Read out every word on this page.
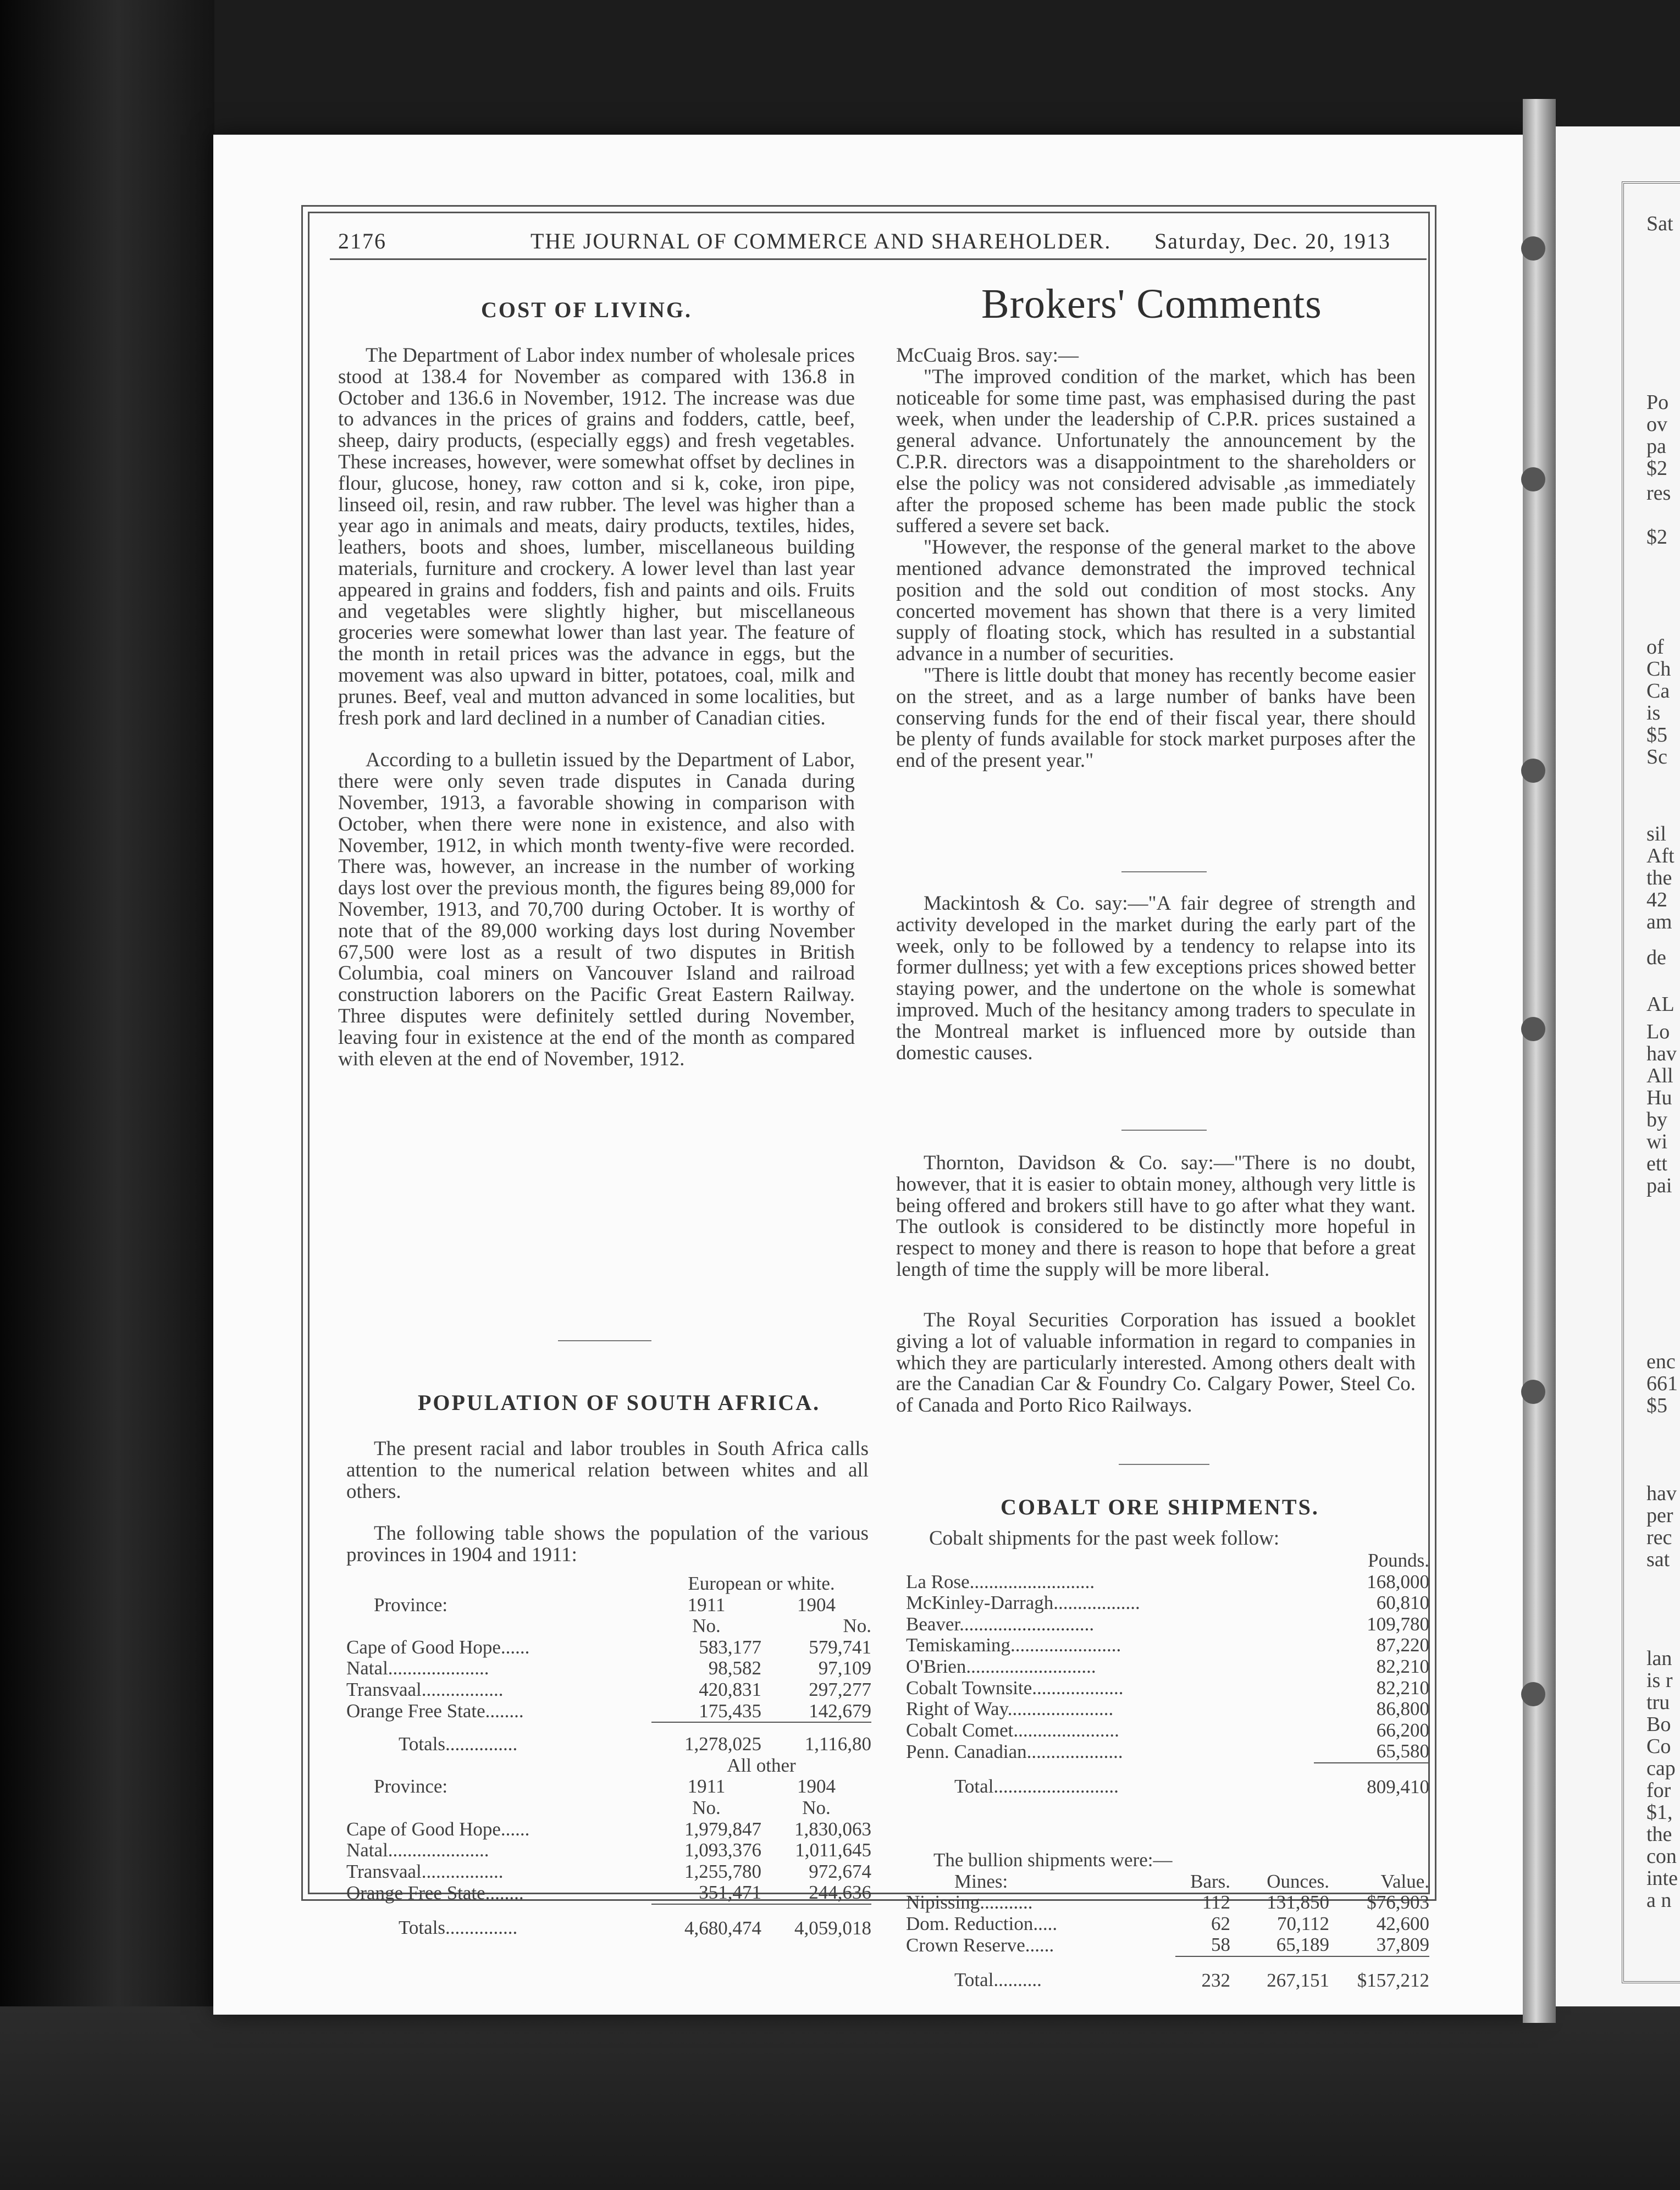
Sat
Po
ov
pa
$2
res
$2
of
Ch
Ca
is
$5
Sc
sil
Aft
the
42
am
de
AL
Lo
hav
All
Hu
by
wi
ett
pai
enc
661
$5
hav
per
rec
sat
lan
is r
tru
Bo
Co
cap
for
$1,
the
con
inte
a n
2176	THE JOURNAL OF COMMERCE AND SHAREHOLDER. Saturday, Dec. 20, 1913
COST OF LIVING.

The Department of Labor index number of wholesale prices stood at 138.4 for November as compared with 136.8 in October and 136.6 in November, 1912. The increase was due to advances in the prices of grains and fodders, cattle, beef, sheep, dairy products, (especially eggs) and fresh vegetables. These increases, however, were somewhat offset by declines in flour, glucose, honey, raw cotton and si k, coke, iron pipe, linseed oil, resin, and raw rubber. The level was higher than a year ago in animals and meats, dairy products, textiles, hides, leathers, boots and shoes, lumber, miscellaneous building materials, furniture and crockery. A lower level than last year appeared in grains and fodders, fish and paints and oils. Fruits and vegetables were slightly higher, but miscellaneous groceries were somewhat lower than last year. The feature of the month in retail prices was the advance in eggs, but the movement was also upward in bitter, potatoes, coal, milk and prunes. Beef, veal and mutton advanced in some localities, but fresh pork and lard declined in a number of Canadian cities.

According to a bulletin issued by the Department of Labor, there were only seven trade disputes in Canada during November, 1913, a favorable showing in comparison with October, when there were none in existence, and also with November, 1912, in which month twenty-five were recorded. There was, however, an increase in the number of working days lost over the previous month, the figures being 89,000 for November, 1913, and 70,700 during October. It is worthy of note that of the 89,000 working days lost during November 67,500 were lost as a result of two disputes in British Columbia, coal miners on Vancouver Island and railroad construction laborers on the Pacific Great Eastern Railway. Three disputes were definitely settled during November, leaving four in existence at the end of the month as compared with eleven at the end of November, 1912.

POPULATION OF SOUTH AFRICA.

The present racial and labor troubles in South Africa calls attention to the numerical relation between whites and all others.

The following table shows the population of the various provinces in 1904 and 1911:

	European or white.	
Province:	1911	1904
	No.	No.
Cape of Good Hope......	583,177	579,741
Natal.....................	98,582	97,109
Transvaal.................	420,831	297,277
Orange Free State........	175,435	142,679
Totals...............	1,278,025	1,116,80
	All other	
Province:	1911	1904
	No.	No.
Cape of Good Hope......	1,979,847	1,830,063
Natal.....................	1,093,376	1,011,645
Transvaal.................	1,255,780	972,674
Orange Free State........	351,471	244,636
Totals...............	4,680,474	4,059,018
Brokers' Comments

McCuaig Bros. say:—

"The improved condition of the market, which has been noticeable for some time past, was emphasised during the past week, when under the leadership of C.P.R. prices sustained a general advance. Unfortunately the announcement by the C.P.R. directors was a disappointment to the shareholders or else the policy was not considered advisable ,as immediately after the proposed scheme has been made public the stock suffered a severe set back.

"However, the response of the general market to the above mentioned advance demonstrated the improved technical position and the sold out condition of most stocks. Any concerted movement has shown that there is a very limited supply of floating stock, which has resulted in a substantial advance in a number of securities.

"There is little doubt that money has recently become easier on the street, and as a large number of banks have been conserving funds for the end of their fiscal year, there should be plenty of funds available for stock market purposes after the end of the present year."

Mackintosh & Co. say:—"A fair degree of strength and activity developed in the market during the early part of the week, only to be followed by a tendency to relapse into its former dullness; yet with a few exceptions prices showed better staying power, and the undertone on the whole is somewhat improved. Much of the hesitancy among traders to speculate in the Montreal market is influenced more by outside than domestic causes.

Thornton, Davidson & Co. say:—"There is no doubt, however, that it is easier to obtain money, although very little is being offered and brokers still have to go after what they want. The outlook is considered to be distinctly more hopeful in respect to money and there is reason to hope that before a great length of time the supply will be more liberal.

The Royal Securities Corporation has issued a booklet giving a lot of valuable information in regard to companies in which they are particularly interested. Among others dealt with are the Canadian Car & Foundry Co. Calgary Power, Steel Co. of Canada and Porto Rico Railways.

COBALT ORE SHIPMENTS.

Cobalt shipments for the past week follow:

	Pounds.
La Rose..........................	168,000
McKinley-Darragh..................	60,810
Beaver............................	109,780
Temiskaming.......................	87,220
O'Brien...........................	82,210
Cobalt Townsite...................	82,210
Right of Way......................	86,800
Cobalt Comet......................	66,200
Penn. Canadian....................	65,580
Total..........................	809,410
The bullion shipments were:—			
Mines:	Bars.	Ounces.	Value.
Nipissing...........	112	131,850	$76,903
Dom. Reduction.....	62	70,112	42,600
Crown Reserve......	58	65,189	37,809
Total..........	232	267,151	$157,212
